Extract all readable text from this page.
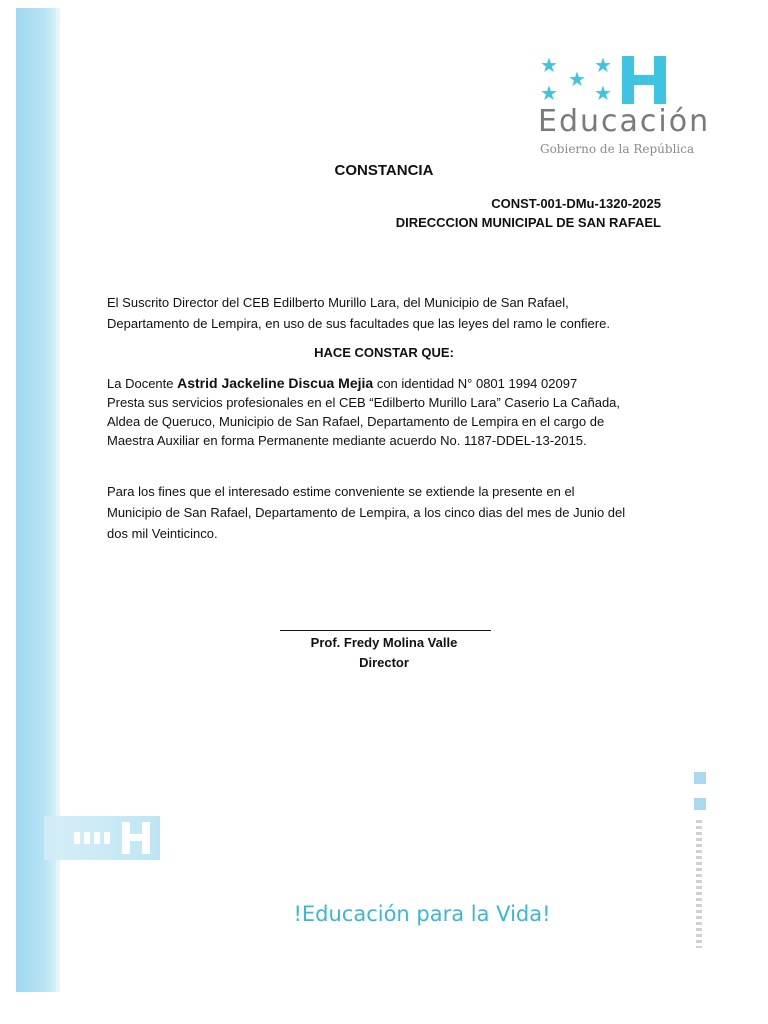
★ ★
★
★ ★
Educación
Gobierno de la República
CONSTANCIA
CONST-001-DMu-1320-2025
DIRECCCION MUNICIPAL DE SAN RAFAEL
El Suscrito Director del CEB Edilberto Murillo Lara, del Municipio de San Rafael,
Departamento de Lempira, en uso de sus facultades que las leyes del ramo le confiere.
HACE CONSTAR QUE:
La Docente Astrid Jackeline Discua Mejia con identidad N° 0801 1994 02097
Presta sus servicios profesionales en el CEB “Edilberto Murillo Lara” Caserio La Cañada,
Aldea de Queruco, Municipio de San Rafael, Departamento de Lempira en el cargo de
Maestra Auxiliar en forma Permanente mediante acuerdo No. 1187-DDEL-13-2015.
Para los fines que el interesado estime conveniente se extiende la presente en el
Municipio de San Rafael, Departamento de Lempira, a los cinco dias del mes de Junio del
dos mil Veinticinco.
Prof. Fredy Molina Valle
Director
!Educación para la Vida!
